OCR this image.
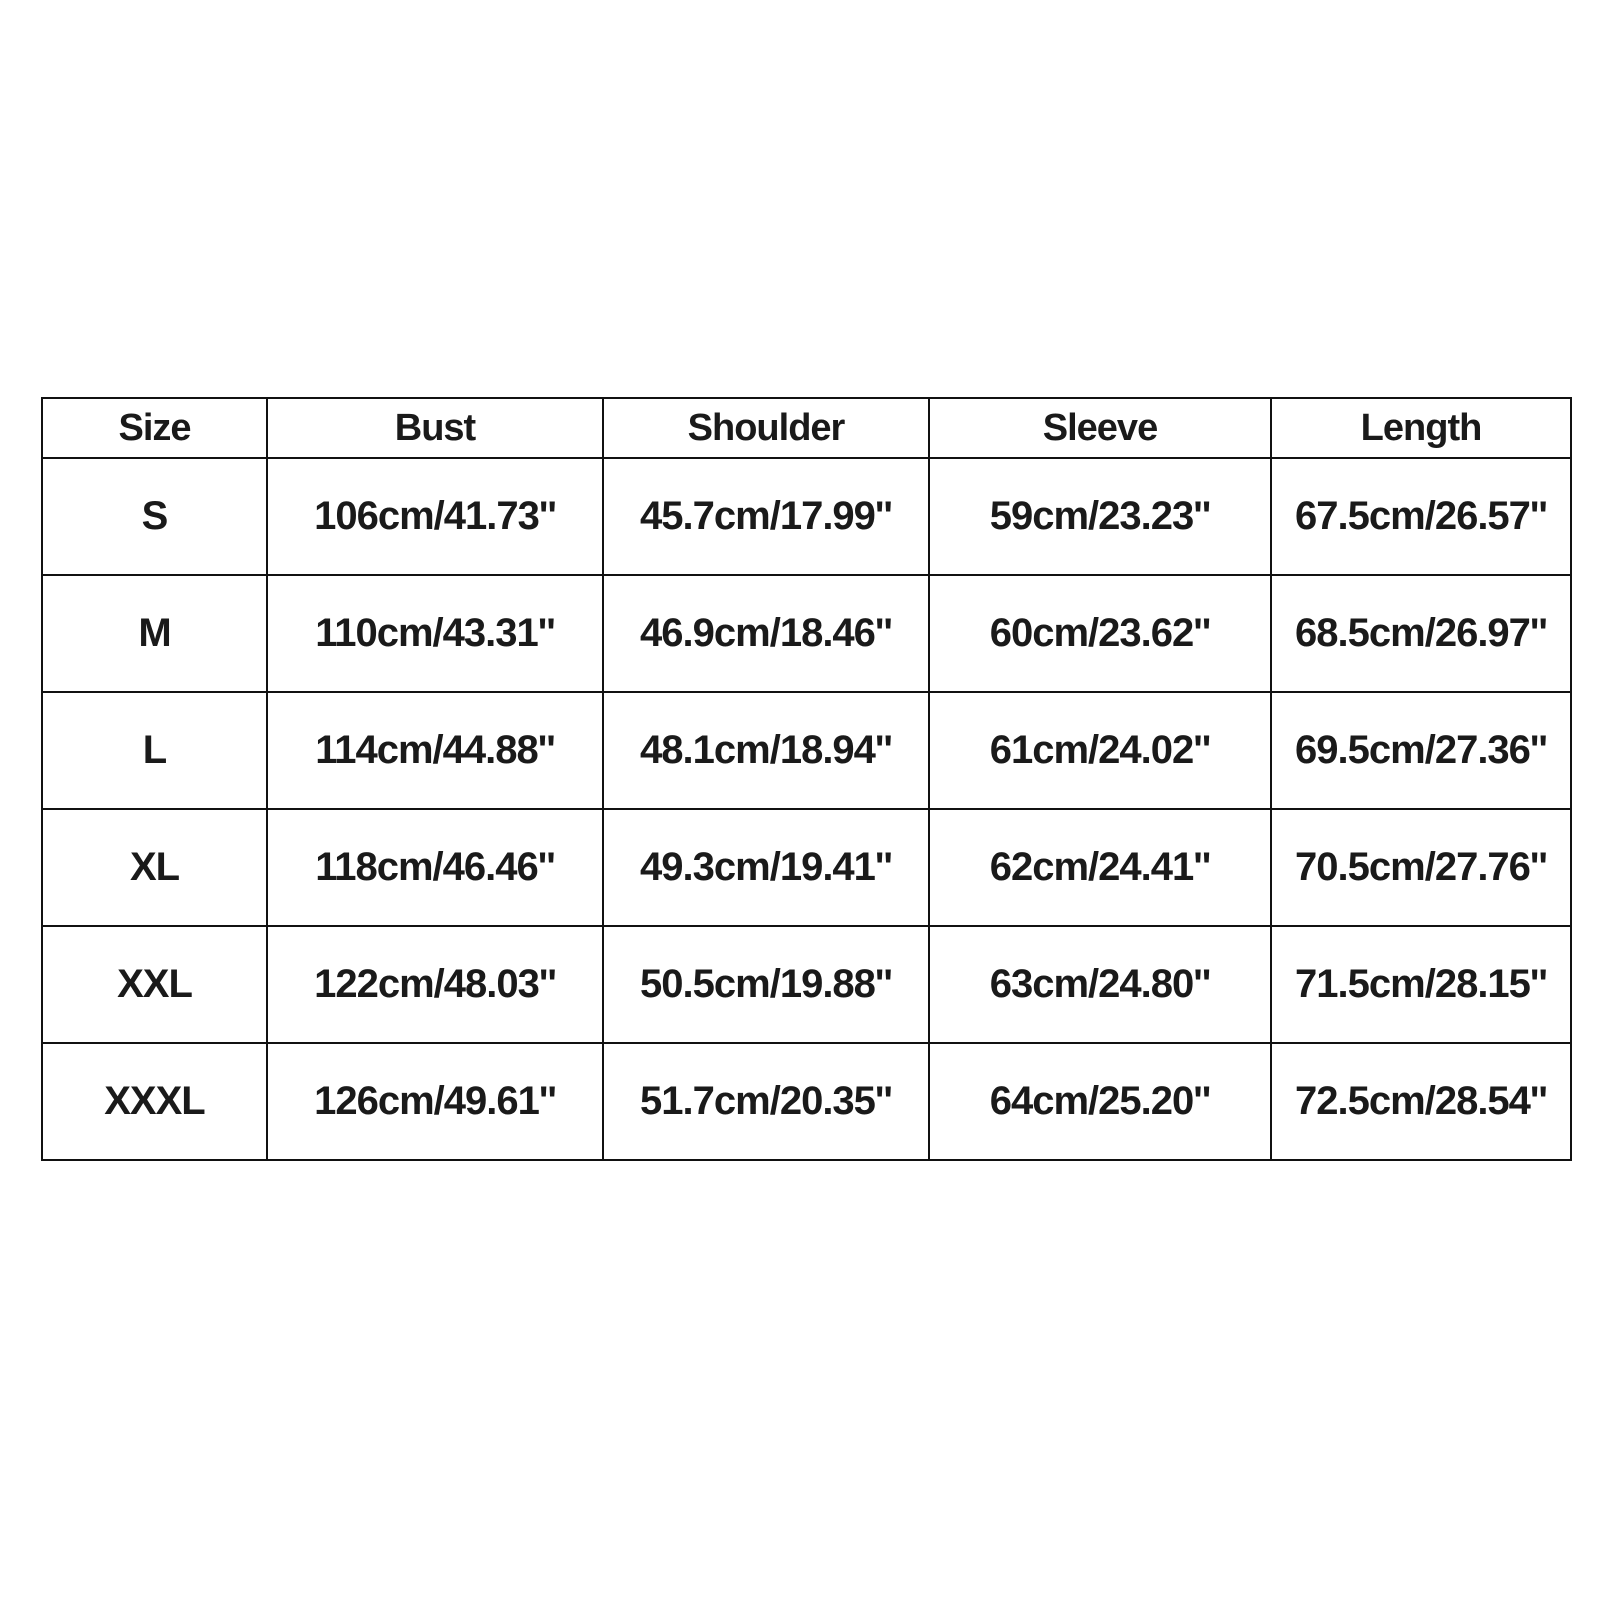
Size	Bust	Shoulder	Sleeve	Length
S	106cm/41.73''	45.7cm/17.99''	59cm/23.23''	67.5cm/26.57''
M	110cm/43.31''	46.9cm/18.46''	60cm/23.62''	68.5cm/26.97''
L	114cm/44.88''	48.1cm/18.94''	61cm/24.02''	69.5cm/27.36''
XL	118cm/46.46''	49.3cm/19.41''	62cm/24.41''	70.5cm/27.76''
XXL	122cm/48.03''	50.5cm/19.88''	63cm/24.80''	71.5cm/28.15''
XXXL	126cm/49.61''	51.7cm/20.35''	64cm/25.20''	72.5cm/28.54''
